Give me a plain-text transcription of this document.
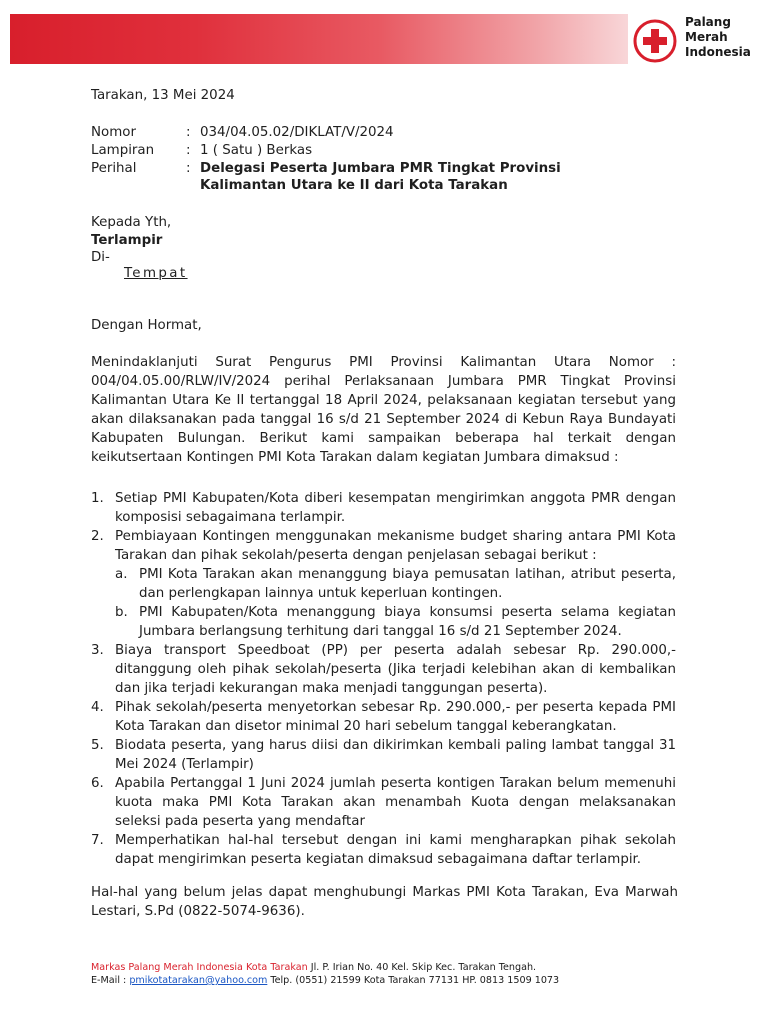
Palang
Merah
Indonesia
Tarakan, 13 Mei 2024
Nomor	: 034/04.05.02/DIKLAT/V/2024
Lampiran : 1 ( Satu ) Berkas
Perihal	: Delegasi Peserta Jumbara PMR Tingkat Provinsi
Kalimantan Utara ke II dari Kota Tarakan
Kepada Yth,
Terlampir
Di-
Tempat
Dengan Hormat,
Menindaklanjuti Surat Pengurus PMI Provinsi Kalimantan Utara Nomor : 004/04.05.00/RLW/IV/2024 perihal Perlaksanaan Jumbara PMR Tingkat Provinsi Kalimantan Utara Ke II tertanggal 18 April 2024, pelaksanaan kegiatan tersebut yang akan dilaksanakan pada tanggal 16 s/d 21 September 2024 di Kebun Raya Bundayati Kabupaten Bulungan. Berikut kami sampaikan beberapa hal terkait dengan keikutsertaan Kontingen PMI Kota Tarakan dalam kegiatan Jumbara dimaksud :
1. Setiap PMI Kabupaten/Kota diberi kesempatan mengirimkan anggota PMR dengan komposisi sebagaimana terlampir.
2. Pembiayaan Kontingen menggunakan mekanisme budget sharing antara PMI Kota Tarakan dan pihak sekolah/peserta dengan penjelasan sebagai berikut :
a. PMI Kota Tarakan akan menanggung biaya pemusatan latihan, atribut peserta, dan perlengkapan lainnya untuk keperluan kontingen.
b. PMI Kabupaten/Kota menanggung biaya konsumsi peserta selama kegiatan Jumbara berlangsung terhitung dari tanggal 16 s/d 21 September 2024.
3. Biaya transport Speedboat (PP) per peserta adalah sebesar Rp. 290.000,- ditanggung oleh pihak sekolah/peserta (Jika terjadi kelebihan akan di kembalikan dan jika terjadi kekurangan maka menjadi tanggungan peserta).
4. Pihak sekolah/peserta menyetorkan sebesar Rp. 290.000,- per peserta kepada PMI Kota Tarakan dan disetor minimal 20 hari sebelum tanggal keberangkatan.
5. Biodata peserta, yang harus diisi dan dikirimkan kembali paling lambat tanggal 31 Mei 2024 (Terlampir)
6. Apabila Pertanggal 1 Juni 2024 jumlah peserta kontigen Tarakan belum memenuhi kuota maka PMI Kota Tarakan akan menambah Kuota dengan melaksanakan seleksi pada peserta yang mendaftar
7. Memperhatikan hal-hal tersebut dengan ini kami mengharapkan pihak sekolah dapat mengirimkan peserta kegiatan dimaksud sebagaimana daftar terlampir.
Hal-hal yang belum jelas dapat menghubungi Markas PMI Kota Tarakan, Eva Marwah Lestari, S.Pd (0822-5074-9636).
Markas Palang Merah Indonesia Kota Tarakan Jl. P. Irian No. 40 Kel. Skip Kec. Tarakan Tengah.
E-Mail : pmikotatarakan@yahoo.com Telp. (0551) 21599 Kota Tarakan 77131 HP. 0813 1509 1073
